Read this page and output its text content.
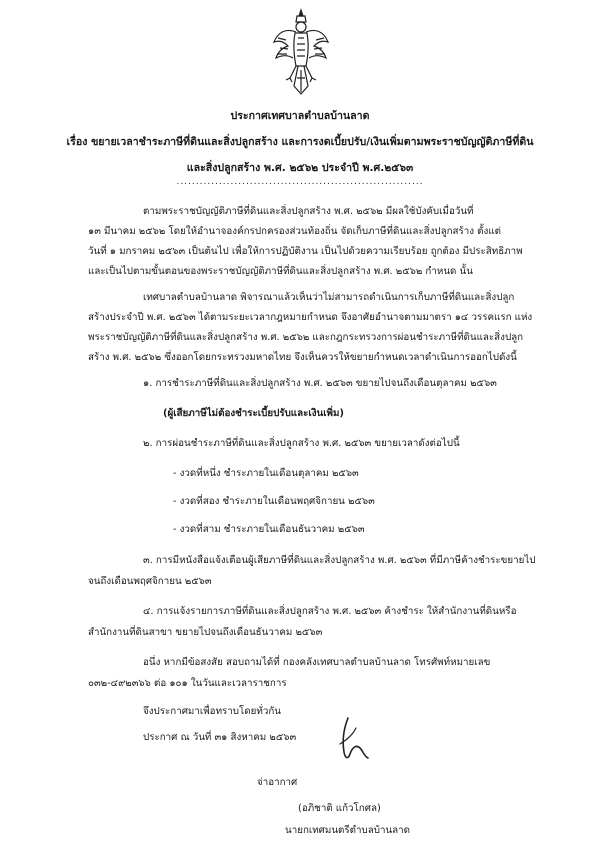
ประกาศเทศบาลตำบลบ้านลาด
เรื่อง ขยายเวลาชำระภาษีที่ดินและสิ่งปลูกสร้าง และการงดเบี้ยปรับ/เงินเพิ่มตามพระราชบัญญัติภาษีที่ดิน
และสิ่งปลูกสร้าง พ.ศ. ๒๕๖๒ ประจำปี พ.ศ.๒๕๖๓
................................................................
ตามพระราชบัญญัติภาษีที่ดินและสิ่งปลูกสร้าง พ.ศ. ๒๕๖๒ มีผลใช้บังคับเมื่อวันที่
๑๓ มีนาคม ๒๕๖๒ โดยให้อำนาจองค์กรปกครองส่วนท้องถิ่น จัดเก็บภาษีที่ดินและสิ่งปลูกสร้าง ตั้งแต่
วันที่ ๑ มกราคม ๒๕๖๓ เป็นต้นไป เพื่อให้การปฏิบัติงาน เป็นไปด้วยความเรียบร้อย ถูกต้อง มีประสิทธิภาพ
และเป็นไปตามขั้นตอนของพระราชบัญญัติภาษีที่ดินและสิ่งปลูกสร้าง พ.ศ. ๒๕๖๒ กำหนด นั้น
เทศบาลตำบลบ้านลาด พิจารณาแล้วเห็นว่าไม่สามารถดำเนินการเก็บภาษีที่ดินและสิ่งปลูก
สร้างประจำปี พ.ศ. ๒๕๖๓ ได้ตามระยะเวลากฎหมายกำหนด จึงอาศัยอำนาจตามมาตรา ๑๔ วรรคแรก แห่ง
พระราชบัญญัติภาษีที่ดินและสิ่งปลูกสร้าง พ.ศ. ๒๕๖๒ และกฎกระทรวงการผ่อนชำระภาษีที่ดินและสิ่งปลูก
สร้าง พ.ศ. ๒๕๖๒ ซึ่งออกโดยกระทรวงมหาดไทย จึงเห็นควรให้ขยายกำหนดเวลาดำเนินการออกไปดังนี้
๑. การชำระภาษีที่ดินและสิ่งปลูกสร้าง พ.ศ. ๒๕๖๓ ขยายไปจนถึงเดือนตุลาคม ๒๕๖๓
(ผู้เสียภาษีไม่ต้องชำระเบี้ยปรับและเงินเพิ่ม)
๒. การผ่อนชำระภาษีที่ดินและสิ่งปลูกสร้าง พ.ศ. ๒๕๖๓ ขยายเวลาดังต่อไปนี้
- งวดที่หนึ่ง ชำระภายในเดือนตุลาคม ๒๕๖๓
- งวดที่สอง ชำระภายในเดือนพฤศจิกายน ๒๕๖๓
- งวดที่สาม ชำระภายในเดือนธันวาคม ๒๕๖๓
๓. การมีหนังสือแจ้งเตือนผู้เสียภาษีที่ดินและสิ่งปลูกสร้าง พ.ศ. ๒๕๖๓ ที่มีภาษีค้างชำระขยายไป
จนถึงเดือนพฤศจิกายน ๒๕๖๓
๔. การแจ้งรายการภาษีที่ดินและสิ่งปลูกสร้าง พ.ศ. ๒๕๖๓ ค้างชำระ ให้สำนักงานที่ดินหรือ
สำนักงานที่ดินสาขา ขยายไปจนถึงเดือนธันวาคม ๒๕๖๓
อนึ่ง หากมีข้อสงสัย สอบถามได้ที่ กองคลังเทศบาลตำบลบ้านลาด โทรศัพท์หมายเลข
๐๓๒-๔๙๒๓๖๖ ต่อ ๑๐๑ ในวันและเวลาราชการ
จึงประกาศมาเพื่อทราบโดยทั่วกัน
ประกาศ ณ วันที่ ๓๑ สิงหาคม ๒๕๖๓
จ่าอากาศ
(อภิชาติ แก้วโกศล)
นายกเทศมนตรีตำบลบ้านลาด
